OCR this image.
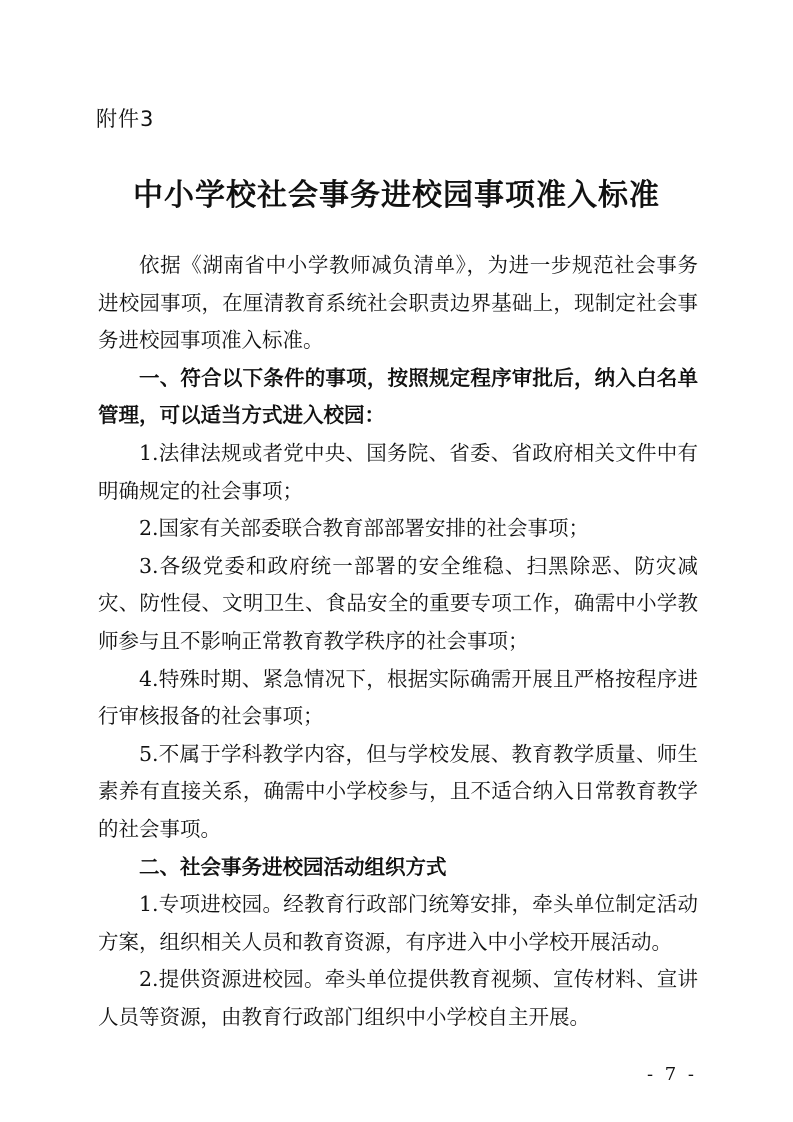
附件3
中小学校社会事务进校园事项准入标准

依据《湖南省中小学教师减负清单》，为进一步规范社会事务进校园事项，在厘清教育系统社会职责边界基础上，现制定社会事务进校园事项准入标准。

一、符合以下条件的事项，按照规定程序审批后，纳入白名单管理，可以适当方式进入校园：

1.法律法规或者党中央、国务院、省委、省政府相关文件中有明确规定的社会事项；

2.国家有关部委联合教育部部署安排的社会事项；

3.各级党委和政府统一部署的安全维稳、扫黑除恶、防灾减灾、防性侵、文明卫生、食品安全的重要专项工作，确需中小学教师参与且不影响正常教育教学秩序的社会事项；

4.特殊时期、紧急情况下，根据实际确需开展且严格按程序进行审核报备的社会事项；

5.不属于学科教学内容，但与学校发展、教育教学质量、师生素养有直接关系，确需中小学校参与，且不适合纳入日常教育教学的社会事项。

二、社会事务进校园活动组织方式

1.专项进校园。经教育行政部门统筹安排，牵头单位制定活动方案，组织相关人员和教育资源，有序进入中小学校开展活动。

2.提供资源进校园。牵头单位提供教育视频、宣传材料、宣讲人员等资源，由教育行政部门组织中小学校自主开展。

- 7 -
